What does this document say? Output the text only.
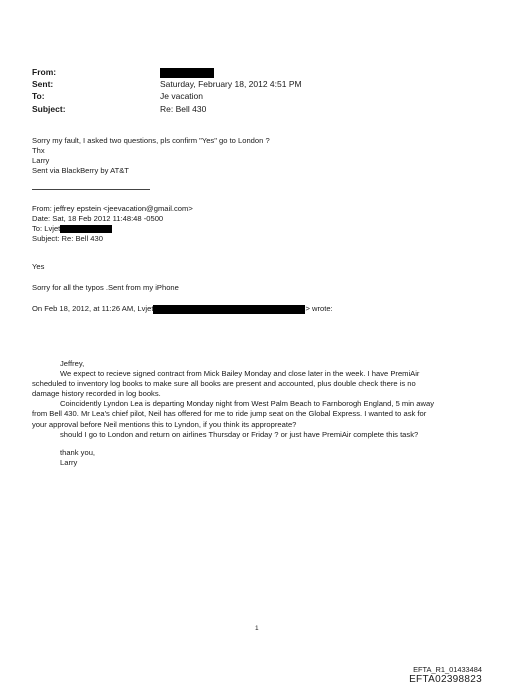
From:
Sent:	Saturday, February 18, 2012 4:51 PM
To:	Je vacation
Subject:	Re: Bell 430
Sorry my fault, I asked two questions, pls confirm "Yes" go to London ?
Thx
Larry
Sent via BlackBerry by AT&T
From: jeffrey epstein <jeevacation@gmail.com>
Date: Sat, 18 Feb 2012 11:48:48 -0500
To: Lvjet
Subject: Re: Bell 430
Yes
Sorry for all the typos .Sent from my iPhone
On Feb 18, 2012, at 11:26 AM, Lvjet	> wrote:
Jeffrey,
We expect to recieve signed contract from Mick Bailey Monday and close later in the week. I have PremiAir
scheduled to inventory log books to make sure all books are present and accounted, plus double check there is no
damage history recorded in log books.
Coincidently Lyndon Lea is departing Monday night from West Palm Beach to Farnborogh England, 5 min away
from Bell 430. Mr Lea's chief pilot, Neil has offered for me to ride jump seat on the Global Express. I wanted to ask for
your approval before Neil mentions this to Lyndon, if you think its appropreate?
should I go to London and return on airlines Thursday or Friday ? or just have PremiAir complete this task?
thank you,
Larry
1
EFTA_R1_01433484
EFTA02398823
